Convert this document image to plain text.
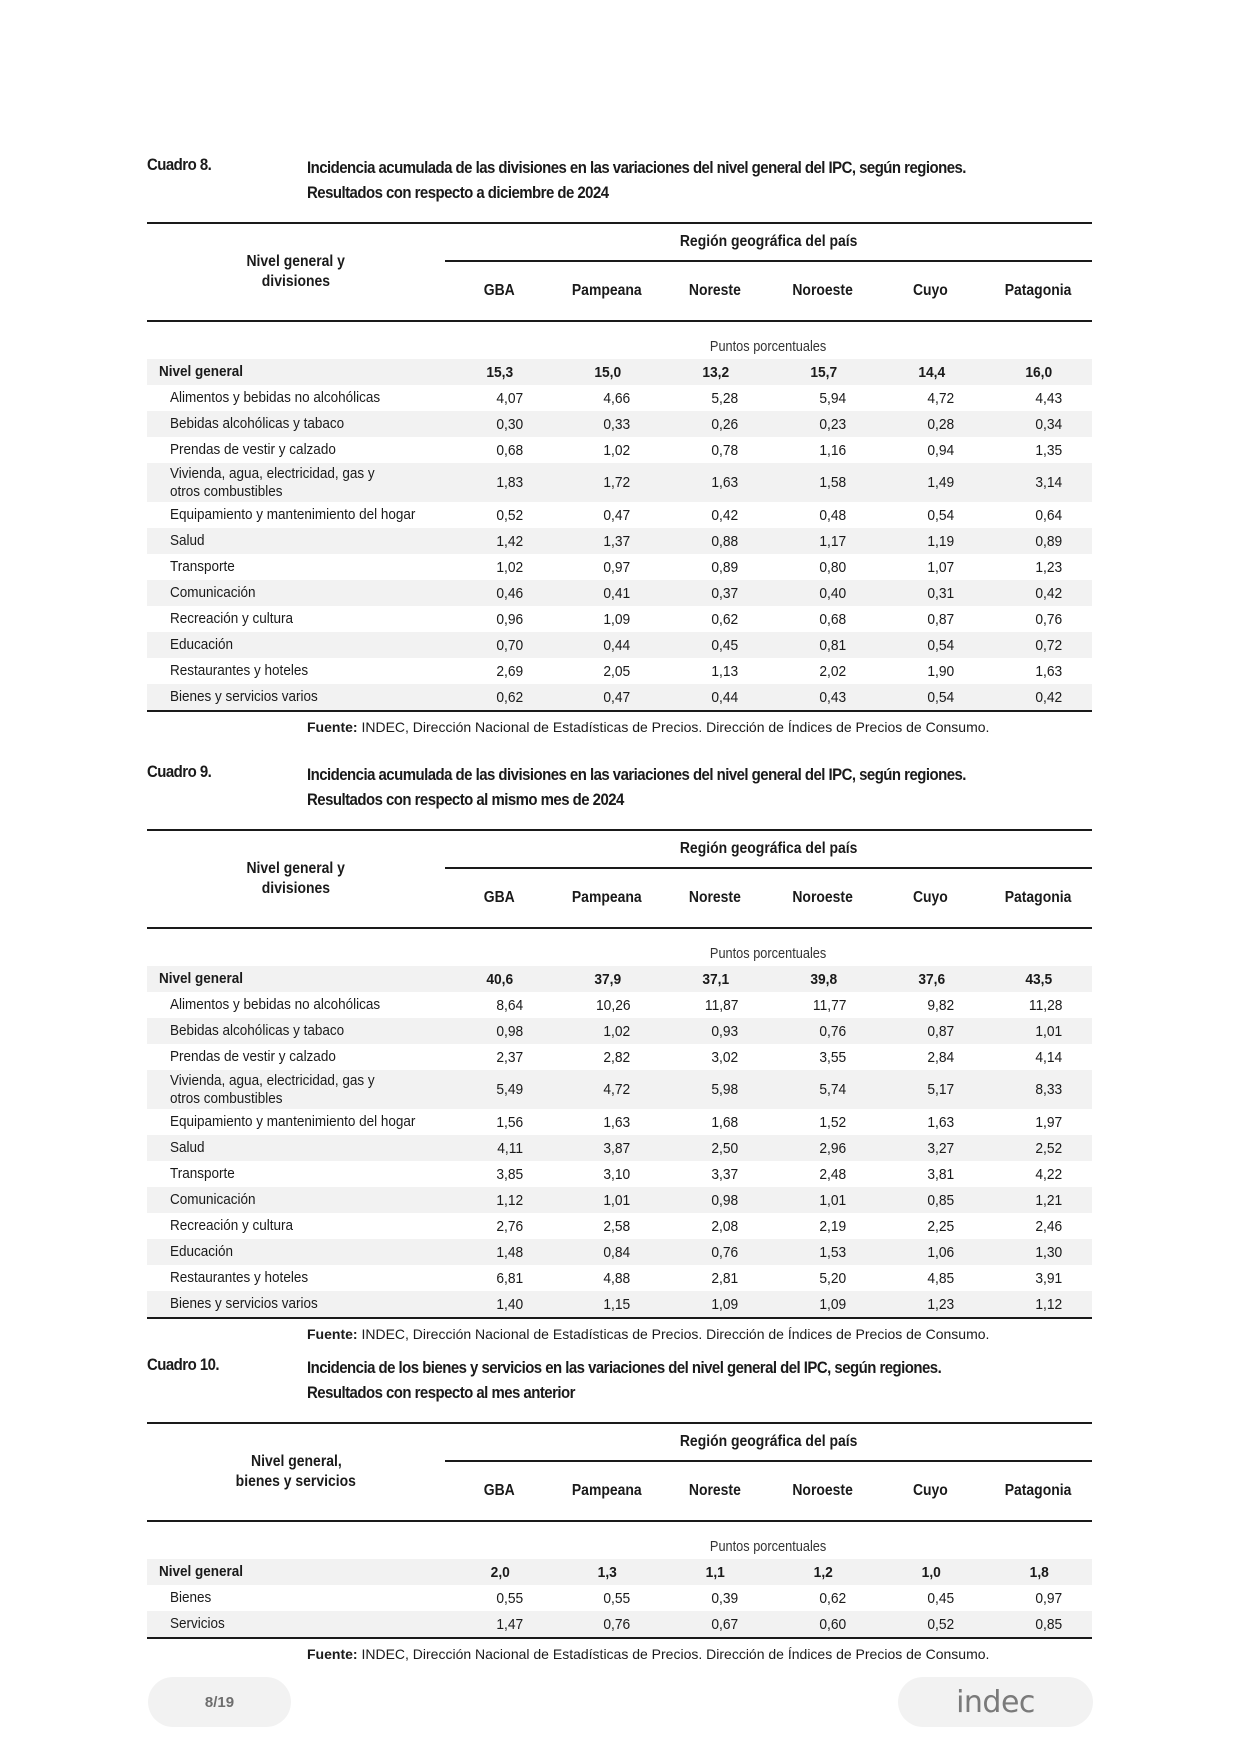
Cuadro 8.	Incidencia acumulada de las divisiones en las variaciones del nivel general del IPC, según regiones.
Resultados con respecto a diciembre de 2024
Nivel general y
divisiones	Región geográfica del país					
	GBA	Pampeana	Noreste	Noroeste	Cuyo	Patagonia
	Puntos porcentuales					
Nivel general	15,3	15,0	13,2	15,7	14,4	16,0
Alimentos y bebidas no alcohólicas	4,07	4,66	5,28	5,94	4,72	4,43
Bebidas alcohólicas y tabaco	0,30	0,33	0,26	0,23	0,28	0,34
Prendas de vestir y calzado	0,68	1,02	0,78	1,16	0,94	1,35
Vivienda, agua, electricidad, gas y otros combustibles	1,83	1,72	1,63	1,58	1,49	3,14
Equipamiento y mantenimiento del hogar	0,52	0,47	0,42	0,48	0,54	0,64
Salud	1,42	1,37	0,88	1,17	1,19	0,89
Transporte	1,02	0,97	0,89	0,80	1,07	1,23
Comunicación	0,46	0,41	0,37	0,40	0,31	0,42
Recreación y cultura	0,96	1,09	0,62	0,68	0,87	0,76
Educación	0,70	0,44	0,45	0,81	0,54	0,72
Restaurantes y hoteles	2,69	2,05	1,13	2,02	1,90	1,63
Bienes y servicios varios	0,62	0,47	0,44	0,43	0,54	0,42
Fuente: INDEC, Dirección Nacional de Estadísticas de Precios. Dirección de Índices de Precios de Consumo.
Cuadro 9.	Incidencia acumulada de las divisiones en las variaciones del nivel general del IPC, según regiones.
Resultados con respecto al mismo mes de 2024
Nivel general y
divisiones	Región geográfica del país					
	GBA	Pampeana	Noreste	Noroeste	Cuyo	Patagonia
	Puntos porcentuales					
Nivel general	40,6	37,9	37,1	39,8	37,6	43,5
Alimentos y bebidas no alcohólicas	8,64	10,26	11,87	11,77	9,82	11,28
Bebidas alcohólicas y tabaco	0,98	1,02	0,93	0,76	0,87	1,01
Prendas de vestir y calzado	2,37	2,82	3,02	3,55	2,84	4,14
Vivienda, agua, electricidad, gas y otros combustibles	5,49	4,72	5,98	5,74	5,17	8,33
Equipamiento y mantenimiento del hogar	1,56	1,63	1,68	1,52	1,63	1,97
Salud	4,11	3,87	2,50	2,96	3,27	2,52
Transporte	3,85	3,10	3,37	2,48	3,81	4,22
Comunicación	1,12	1,01	0,98	1,01	0,85	1,21
Recreación y cultura	2,76	2,58	2,08	2,19	2,25	2,46
Educación	1,48	0,84	0,76	1,53	1,06	1,30
Restaurantes y hoteles	6,81	4,88	2,81	5,20	4,85	3,91
Bienes y servicios varios	1,40	1,15	1,09	1,09	1,23	1,12
Fuente: INDEC, Dirección Nacional de Estadísticas de Precios. Dirección de Índices de Precios de Consumo.
Cuadro 10.	Incidencia de los bienes y servicios en las variaciones del nivel general del IPC, según regiones.
Resultados con respecto al mes anterior
Nivel general,
bienes y servicios	Región geográfica del país					
	GBA	Pampeana	Noreste	Noroeste	Cuyo	Patagonia
	Puntos porcentuales					
Nivel general	2,0	1,3	1,1	1,2	1,0	1,8
Bienes	0,55	0,55	0,39	0,62	0,45	0,97
Servicios	1,47	0,76	0,67	0,60	0,52	0,85
Fuente: INDEC, Dirección Nacional de Estadísticas de Precios. Dirección de Índices de Precios de Consumo.
8/19	indec
